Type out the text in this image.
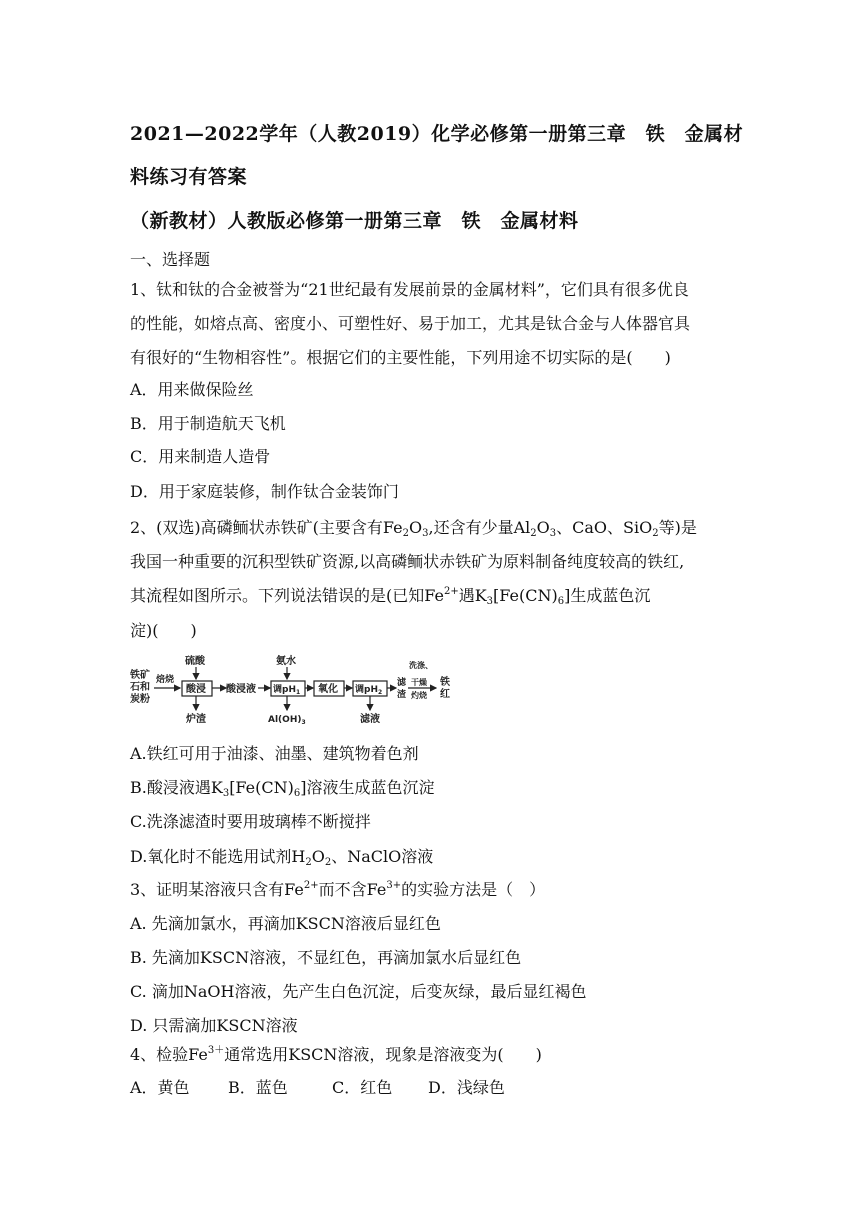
2021—2022学年（人教2019）化学必修第一册第三章　铁　金属材
料练习有答案
（新教材）人教版必修第一册第三章　铁　金属材料
一、选择题
1、钛和钛的合金被誉为“21世纪最有发展前景的金属材料”，它们具有很多优良
的性能，如熔点高、密度小、可塑性好、易于加工，尤其是钛合金与人体器官具
有很好的“生物相容性”。根据它们的主要性能，下列用途不切实际的是(　　)
A．用来做保险丝
B．用于制造航天飞机
C．用来制造人造骨
D．用于家庭装修，制作钛合金装饰门
2、(双选)高磷鲕状赤铁矿(主要含有$Fe_2O_3$,还含有少量$Al_2O_3$、CaO、SiO$_2$等)是
我国一种重要的沉积型铁矿资源,以高磷鲕状赤铁矿为原料制备纯度较高的铁红,
其流程如图所示。下列说法错误的是(已知$Fe^{2+}$遇$K_3[Fe(CN)_6]$生成蓝色沉
淀)(　　)
铁矿
石和
炭粉
焙烧
硫酸
酸浸
炉渣
酸浸液
氨水
调$pH_1$
$Al(OH)_3$
氧化 调$pH_2$
滤液
滤
渣
洗涤、
干燥
灼烧
铁
红
A.铁红可用于油漆、油墨、建筑物着色剂
B.酸浸液遇$K_3[Fe(CN)_6]$溶液生成蓝色沉淀
C.洗涤滤渣时要用玻璃棒不断搅拌
D.氧化时不能选用试剂$H_2O_2$、NaClO溶液
3、证明某溶液只含有$Fe^{2+}$而不含$Fe^{3+}$的实验方法是（　）
A. 先滴加氯水，再滴加KSCN溶液后显红色
B. 先滴加KSCN溶液，不显红色，再滴加氯水后显红色
C. 滴加NaOH溶液，先产生白色沉淀，后变灰绿，最后显红褐色
D. 只需滴加KSCN溶液
4、检验$Fe^{3+}$通常选用KSCN溶液，现象是溶液变为(　　)
A．黄色 B．蓝色	C．红色 D．浅绿色
